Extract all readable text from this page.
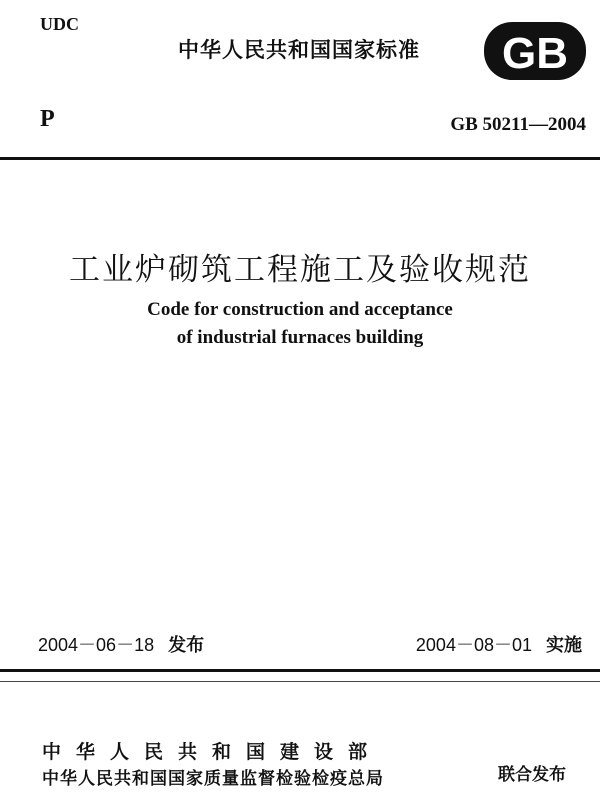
UDC
中华人民共和国国家标准 GB
P	GB 50211—2004
工业炉砌筑工程施工及验收规范
Code for construction and acceptance
of industrial furnaces building
2004－06－18 发布	2004－08－01 实施
中华人民共和国建设部
中华人民共和国国家质量监督检验检疫总局	联合发布
